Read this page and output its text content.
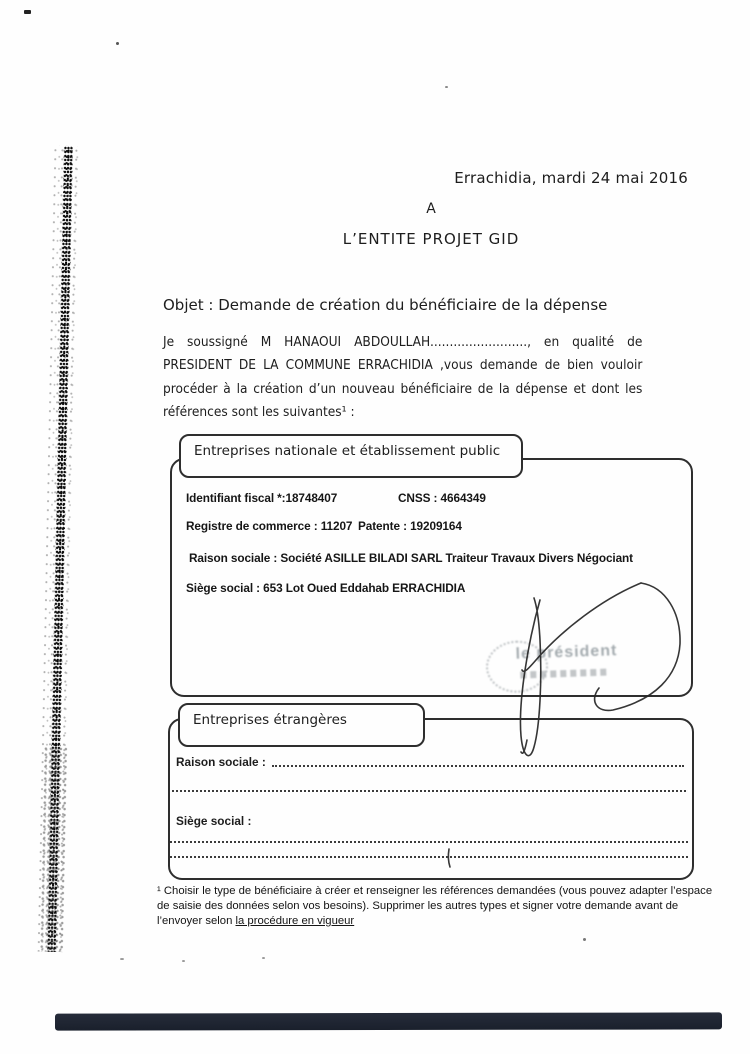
Errachidia, mardi 24 mai 2016
A
L’ENTITE PROJET GID
Objet : Demande de création du bénéficiaire de la dépense
Je soussigné M HANAOUI ABDOULLAH........................., en qualité de
PRESIDENT DE LA COMMUNE ERRACHIDIA ,vous demande de bien vouloir
procéder à la création d’un nouveau bénéficiaire de la dépense et dont les
références sont les suivantes¹ :
Entreprises nationale et établissement public
Identifiant fiscal *:18748407	CNSS : 4664349
Registre de commerce : 11207 Patente : 19209164
Raison sociale : Société ASILLE BILADI SARL Traiteur Travaux Divers Négociant
Siège social : 653 Lot Oued Eddahab ERRACHIDIA
le président
Entreprises étrangères
Raison sociale :
Siège social :
¹ Choisir le type de bénéficiaire à créer et renseigner les références demandées (vous pouvez adapter l’espace
de saisie des données selon vos besoins). Supprimer les autres types et signer votre demande avant de
l’envoyer selon la procédure en vigueur
